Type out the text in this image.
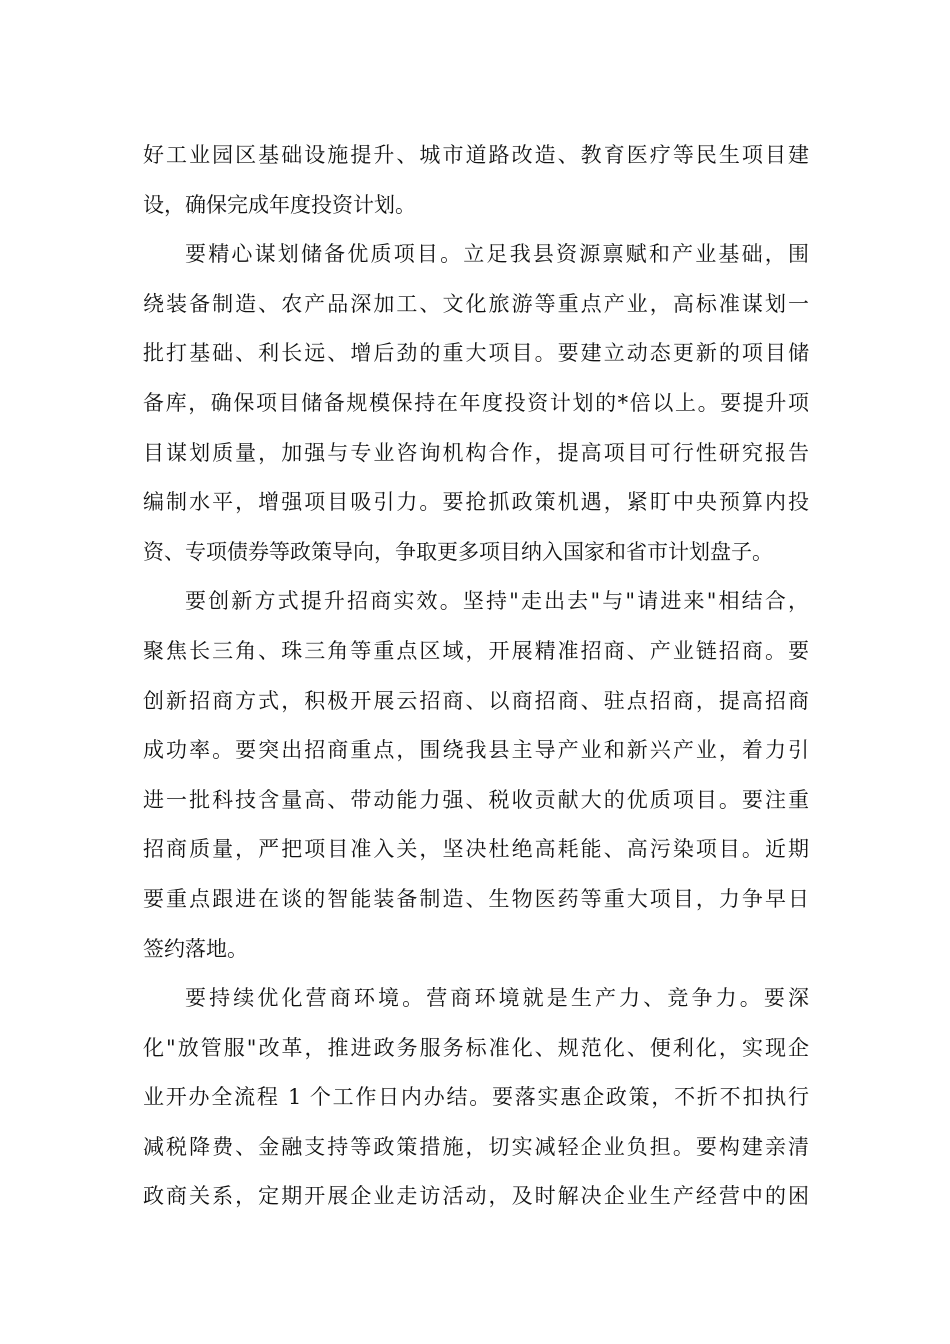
好工业园区基础设施提升、城市道路改造、教育医疗等民生项目建
设，确保完成年度投资计划。
要精心谋划储备优质项目。立足我县资源禀赋和产业基础，围
绕装备制造、农产品深加工、文化旅游等重点产业，高标准谋划一
批打基础、利长远、增后劲的重大项目。要建立动态更新的项目储
备库，确保项目储备规模保持在年度投资计划的*倍以上。要提升项
目谋划质量，加强与专业咨询机构合作，提高项目可行性研究报告
编制水平，增强项目吸引力。要抢抓政策机遇，紧盯中央预算内投
资、专项债券等政策导向，争取更多项目纳入国家和省市计划盘子。
要创新方式提升招商实效。坚持"走出去"与"请进来"相结合，
聚焦长三角、珠三角等重点区域，开展精准招商、产业链招商。要
创新招商方式，积极开展云招商、以商招商、驻点招商，提高招商
成功率。要突出招商重点，围绕我县主导产业和新兴产业，着力引
进一批科技含量高、带动能力强、税收贡献大的优质项目。要注重
招商质量，严把项目准入关，坚决杜绝高耗能、高污染项目。近期
要重点跟进在谈的智能装备制造、生物医药等重大项目，力争早日
签约落地。
要持续优化营商环境。营商环境就是生产力、竞争力。要深
化"放管服"改革，推进政务服务标准化、规范化、便利化，实现企
业开办全流程 1 个工作日内办结。要落实惠企政策，不折不扣执行
减税降费、金融支持等政策措施，切实减轻企业负担。要构建亲清
政商关系，定期开展企业走访活动，及时解决企业生产经营中的困
